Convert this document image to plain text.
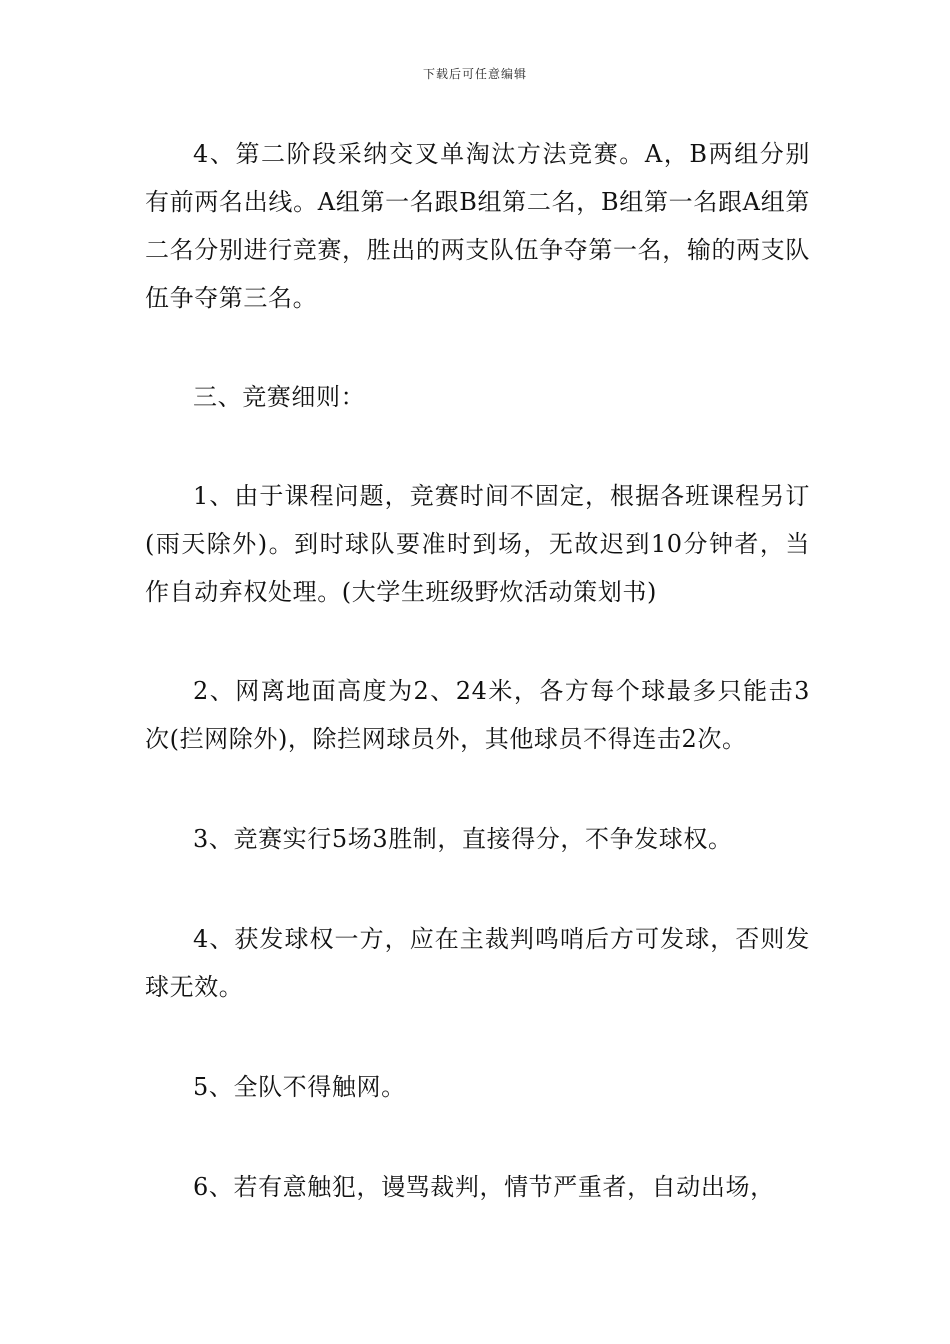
下载后可任意编辑

4、第二阶段采纳交叉单淘汰方法竞赛。A，B两组分别有前两名出线。A组第一名跟B组第二名，B组第一名跟A组第二名分别进行竞赛，胜出的两支队伍争夺第一名，输的两支队伍争夺第三名。

三、竞赛细则：

1、由于课程问题，竞赛时间不固定，根据各班课程另订(雨天除外)。到时球队要准时到场，无故迟到10分钟者，当作自动弃权处理。(大学生班级野炊活动策划书)

2、网离地面高度为2、24米，各方每个球最多只能击3次(拦网除外)，除拦网球员外，其他球员不得连击2次。

3、竞赛实行5场3胜制，直接得分，不争发球权。

4、获发球权一方，应在主裁判鸣哨后方可发球，否则发球无效。

5、全队不得触网。

6、若有意触犯，谩骂裁判，情节严重者，自动出场，
